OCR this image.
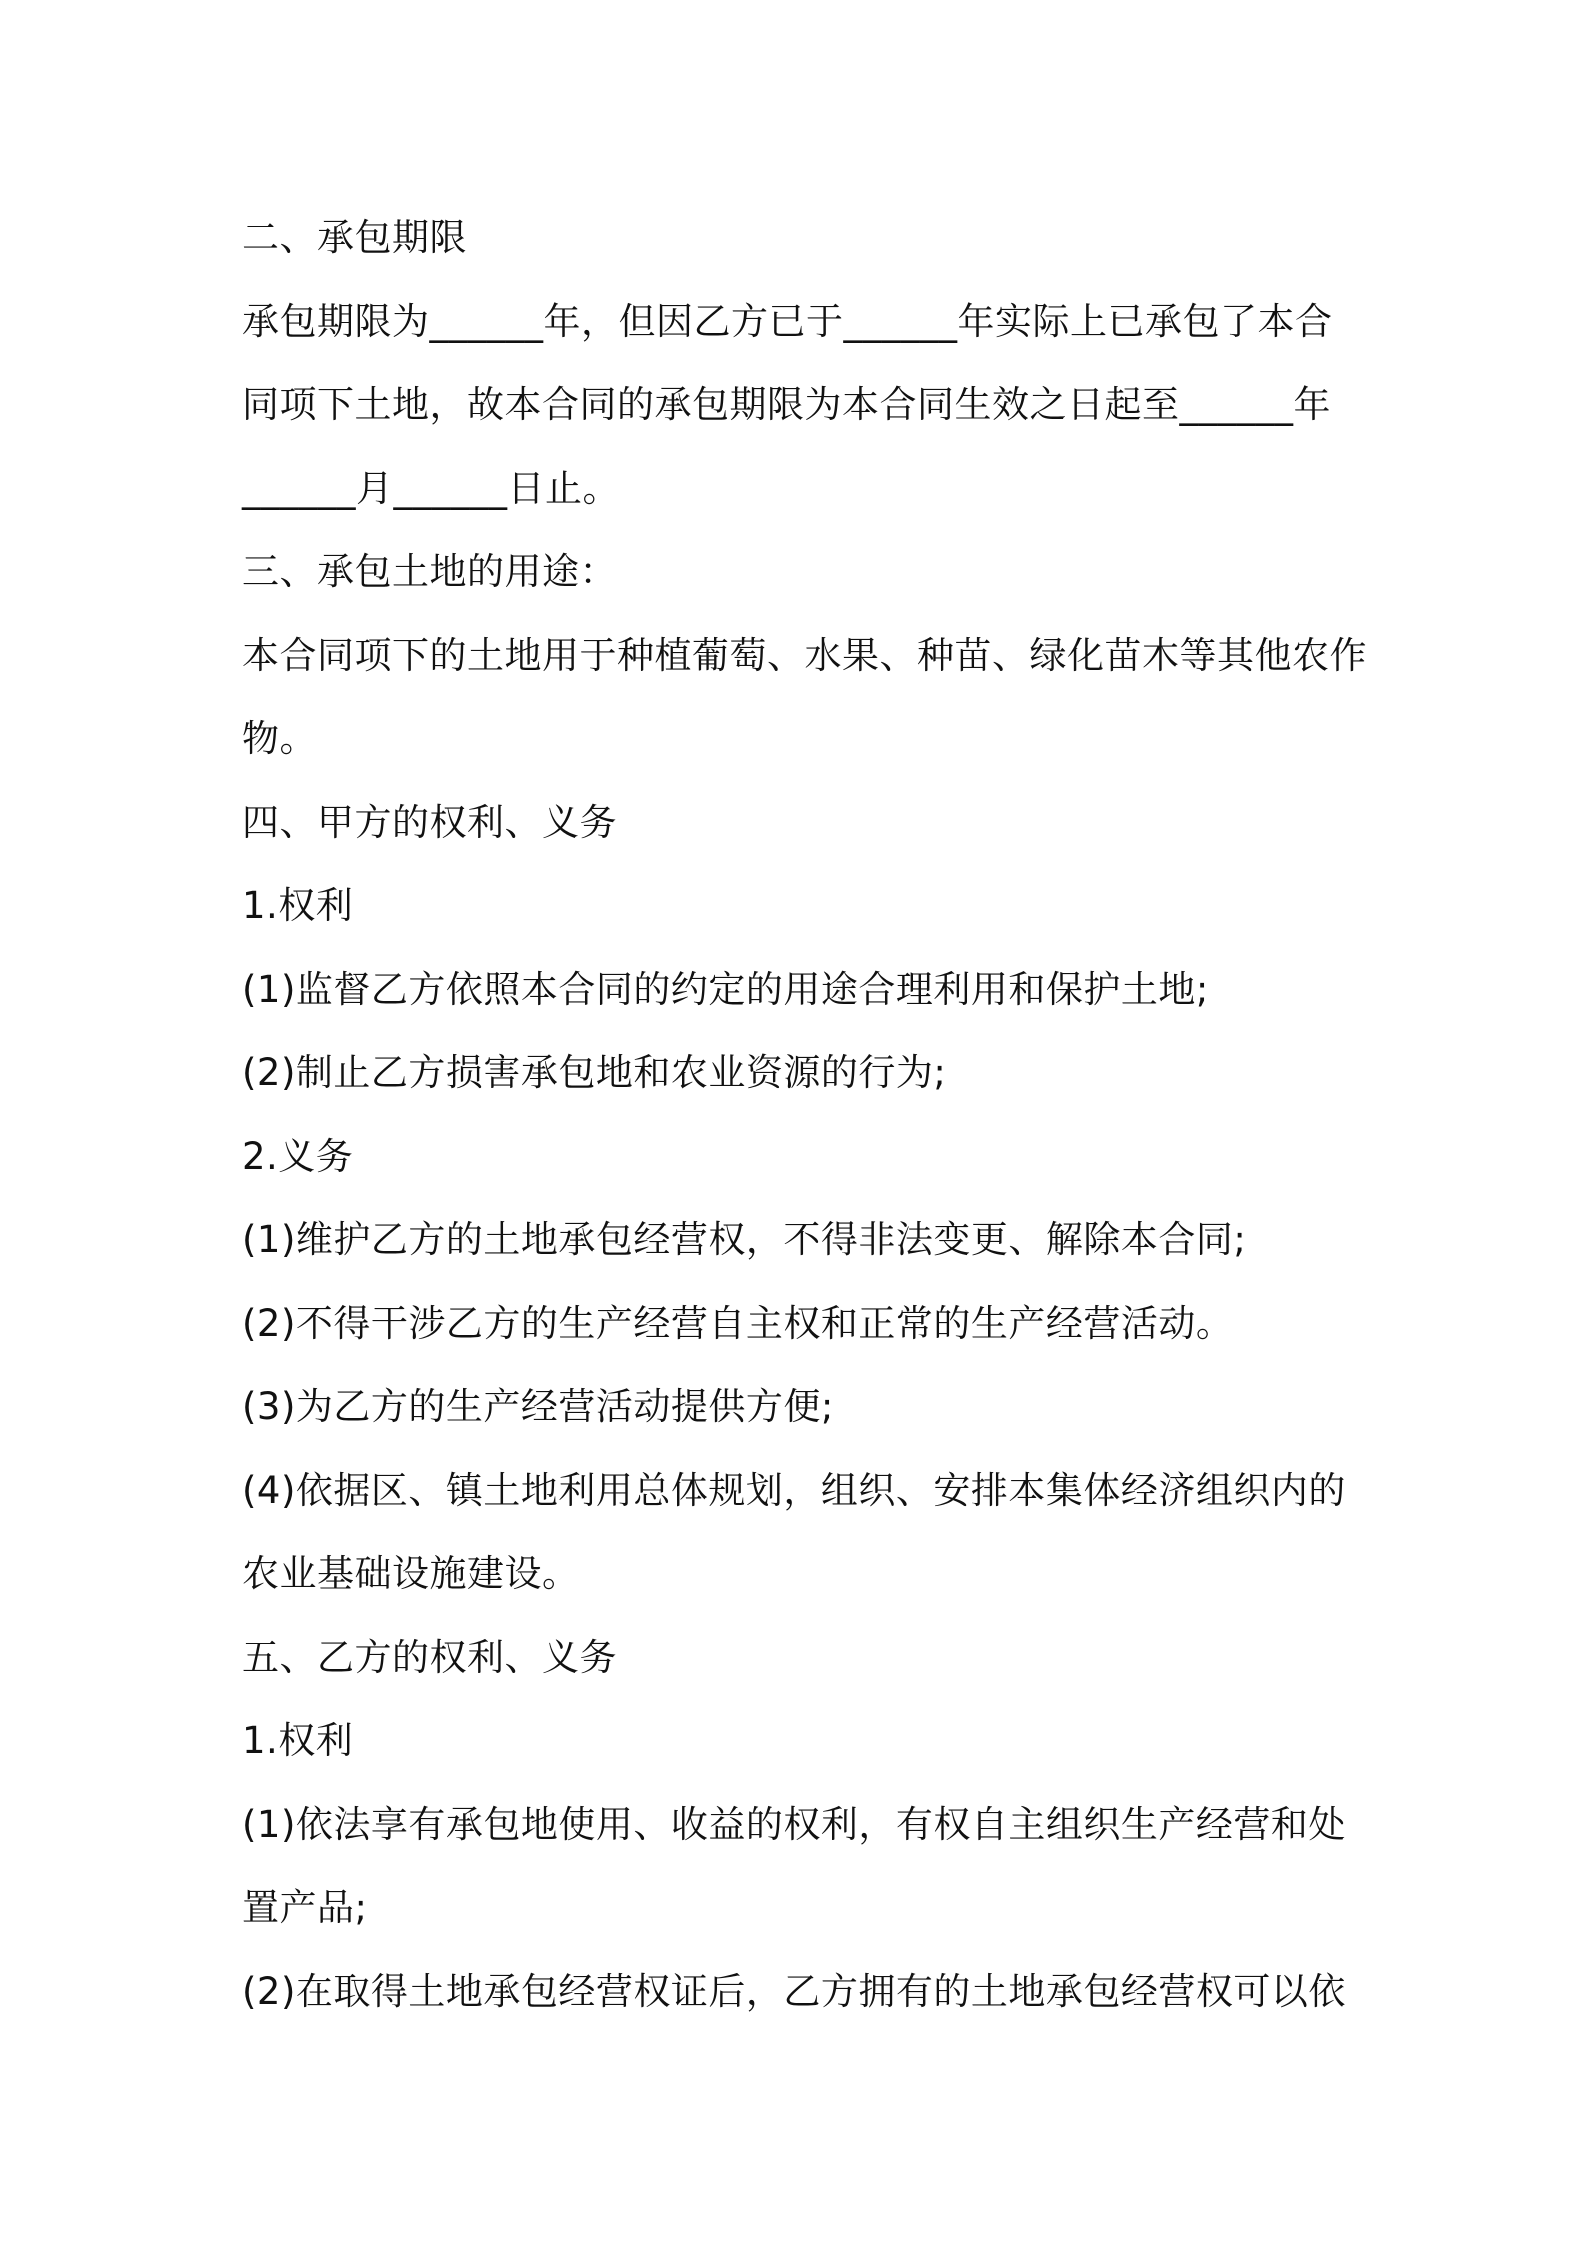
二、承包期限
承包期限为______年，但因乙方已于______年实际上已承包了本合
同项下土地，故本合同的承包期限为本合同生效之日起至______年
______月______日止。
三、承包土地的用途：
本合同项下的土地用于种植葡萄、水果、种苗、绿化苗木等其他农作
物。
四、甲方的权利、义务
1.权利
(1)监督乙方依照本合同的约定的用途合理利用和保护土地;
(2)制止乙方损害承包地和农业资源的行为;
2.义务
(1)维护乙方的土地承包经营权，不得非法变更、解除本合同;
(2)不得干涉乙方的生产经营自主权和正常的生产经营活动。
(3)为乙方的生产经营活动提供方便;
(4)依据区、镇土地利用总体规划，组织、安排本集体经济组织内的
农业基础设施建设。
五、乙方的权利、义务
1.权利
(1)依法享有承包地使用、收益的权利，有权自主组织生产经营和处
置产品;
(2)在取得土地承包经营权证后，乙方拥有的土地承包经营权可以依
